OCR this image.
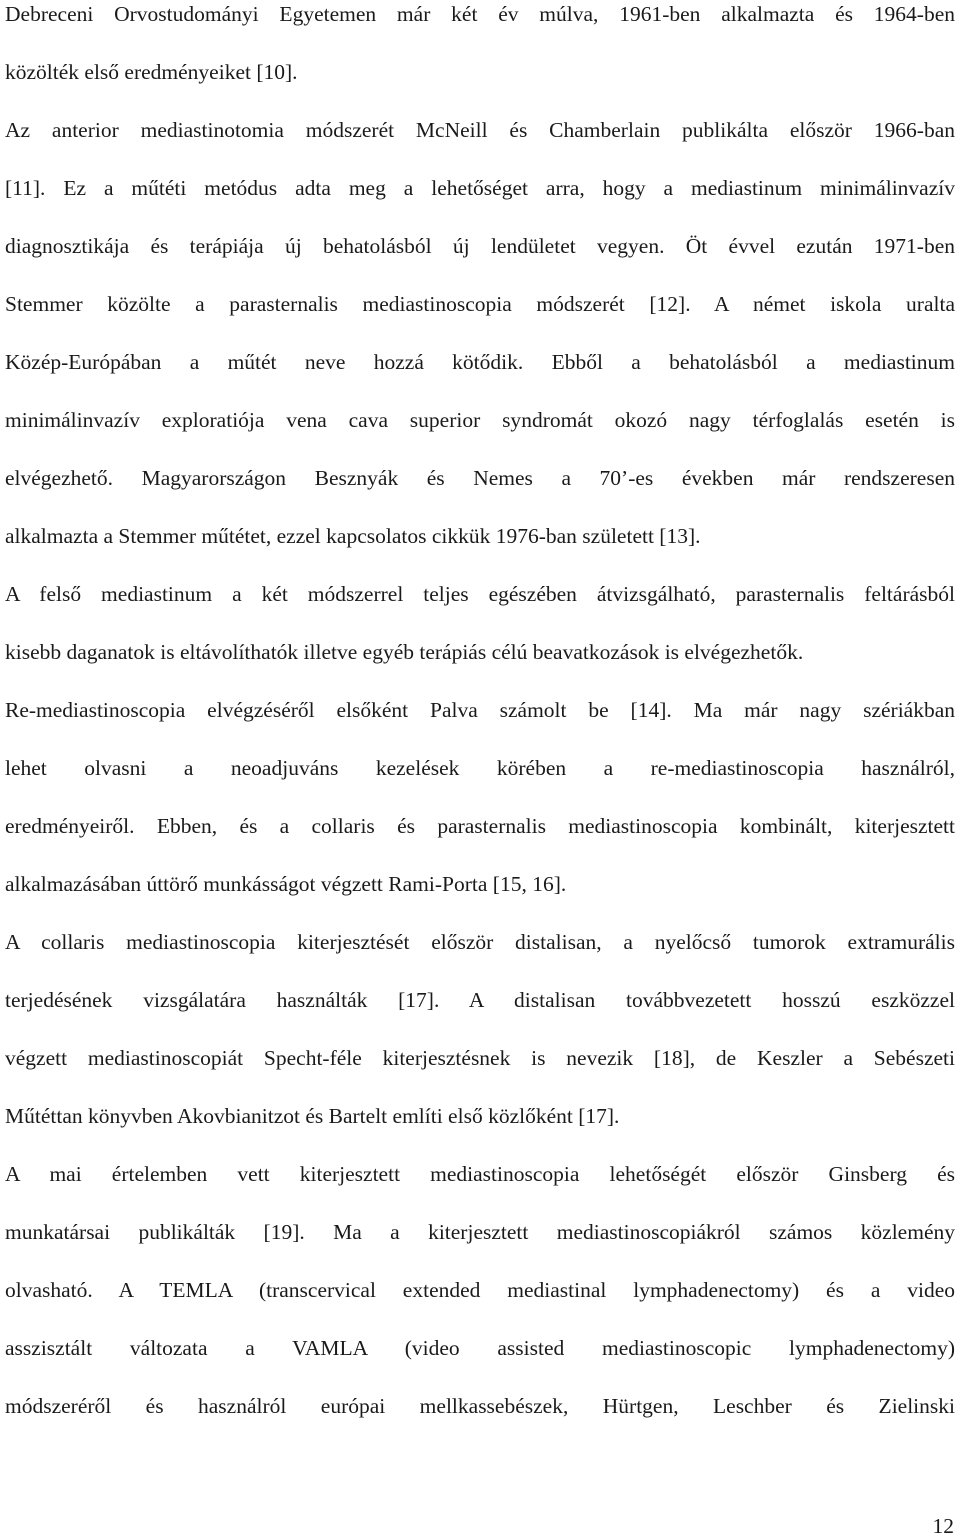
Debreceni Orvostudományi Egyetemen már két év múlva, 1961-ben alkalmazta és 1964-ben
közölték első eredményeiket [10].
Az anterior mediastinotomia módszerét McNeill és Chamberlain publikálta először 1966-ban
[11]. Ez a műtéti metódus adta meg a lehetőséget arra, hogy a mediastinum minimálinvazív
diagnosztikája és terápiája új behatolásból új lendületet vegyen. Öt évvel ezután 1971-ben
Stemmer közölte a parasternalis mediastinoscopia módszerét [12]. A német iskola uralta
Közép-Európában a műtét neve hozzá kötődik. Ebből a behatolásból a mediastinum
minimálinvazív exploratiója vena cava superior syndromát okozó nagy térfoglalás esetén is
elvégezhető. Magyarországon Besznyák és Nemes a 70’-es években már rendszeresen
alkalmazta a Stemmer műtétet, ezzel kapcsolatos cikkük 1976-ban született [13].
A felső mediastinum a két módszerrel teljes egészében átvizsgálható, parasternalis feltárásból
kisebb daganatok is eltávolíthatók illetve egyéb terápiás célú beavatkozások is elvégezhetők.
Re-mediastinoscopia elvégzéséről elsőként Palva számolt be [14]. Ma már nagy szériákban
lehet olvasni a neoadjuváns kezelések körében a re-mediastinoscopia használról,
eredményeiről. Ebben, és a collaris és parasternalis mediastinoscopia kombinált, kiterjesztett
alkalmazásában úttörő munkásságot végzett Rami-Porta [15, 16].
A collaris mediastinoscopia kiterjesztését először distalisan, a nyelőcső tumorok extramurális
terjedésének vizsgálatára használták [17]. A distalisan továbbvezetett hosszú eszközzel
végzett mediastinoscopiát Specht-féle kiterjesztésnek is nevezik [18], de Keszler a Sebészeti
Műtéttan könyvben Akovbianitzot és Bartelt említi első közlőként [17].
A mai értelemben vett kiterjesztett mediastinoscopia lehetőségét először Ginsberg és
munkatársai publikálták [19]. Ma a kiterjesztett mediastinoscopiákról számos közlemény
olvasható. A TEMLA (transcervical extended mediastinal lymphadenectomy) és a video
asszisztált változata a VAMLA (video assisted mediastinoscopic lymphadenectomy)
módszeréről és használról európai mellkassebészek, Hürtgen, Leschber és Zielinski
12
